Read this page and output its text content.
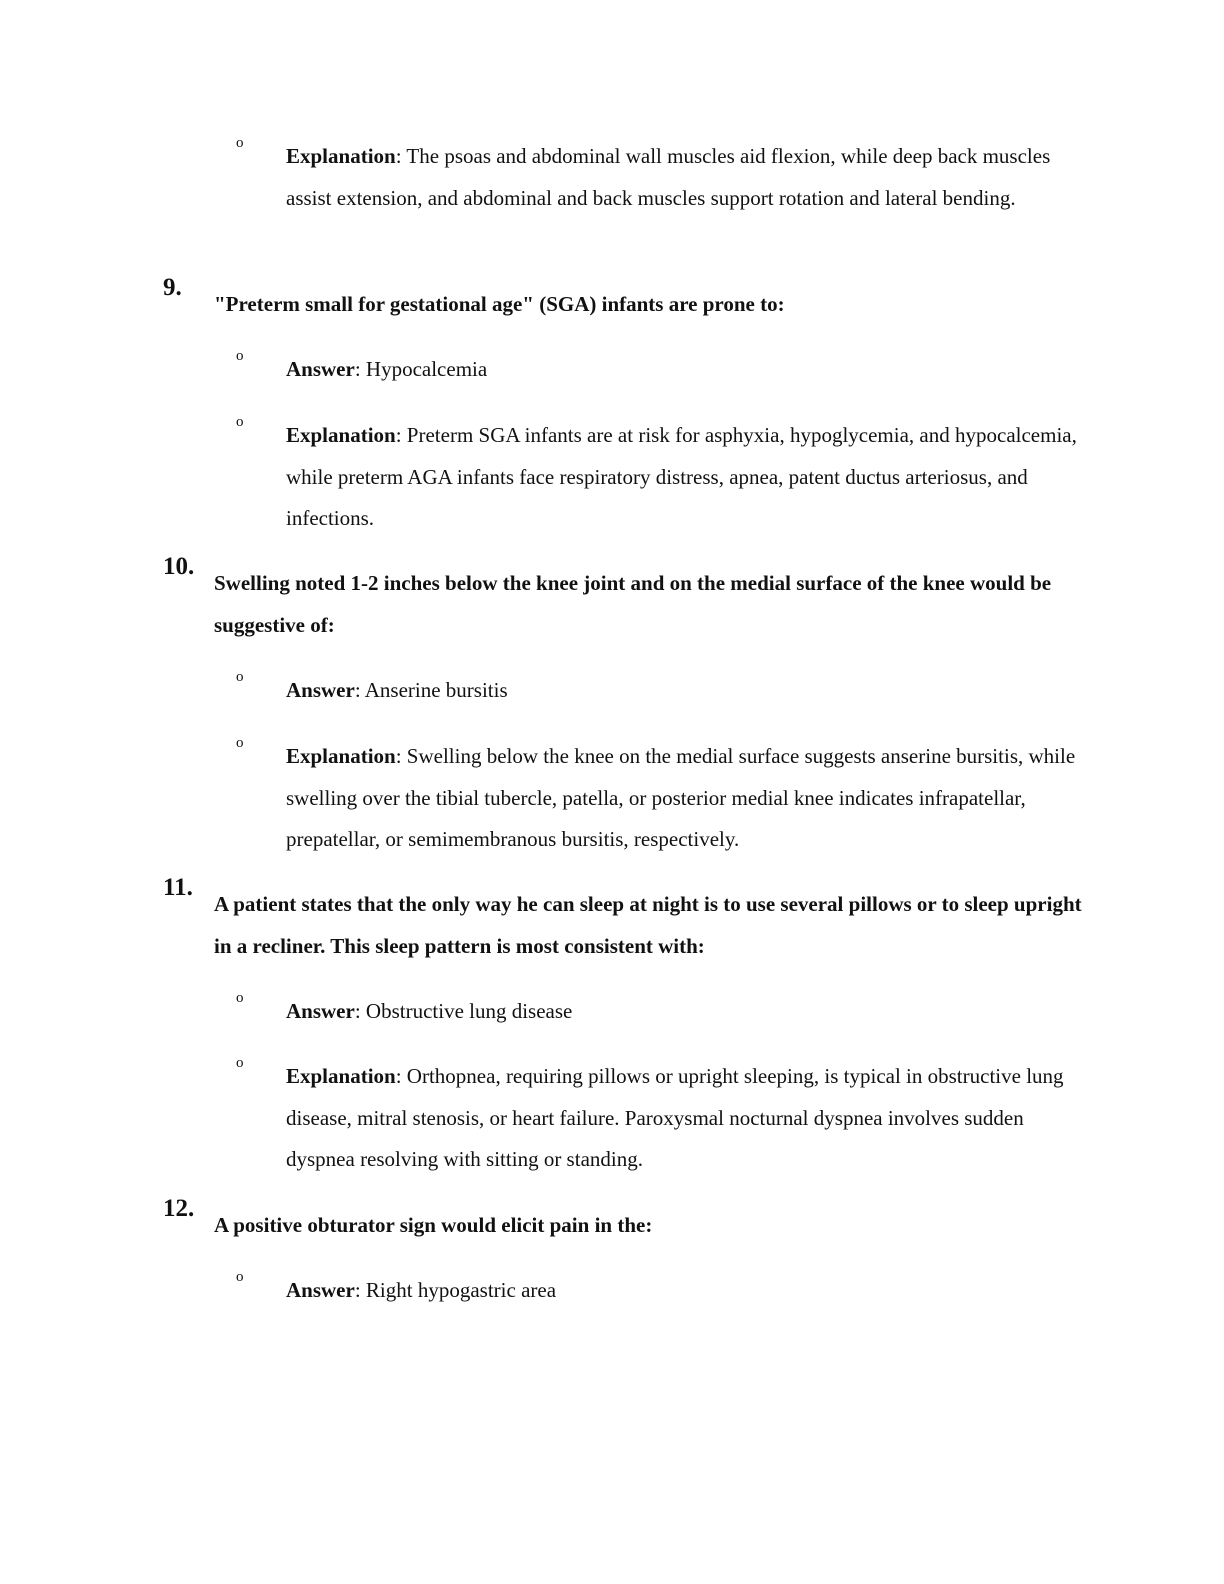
o

Explanation: The psoas and abdominal wall muscles aid flexion, while deep back muscles assist extension, and abdominal and back muscles support rotation and lateral bending.

9.

"Preterm small for gestational age" (SGA) infants are prone to:

o

Answer: Hypocalcemia

o

Explanation: Preterm SGA infants are at risk for asphyxia, hypoglycemia, and hypocalcemia, while preterm AGA infants face respiratory distress, apnea, patent ductus arteriosus, and infections.

10.

Swelling noted 1-2 inches below the knee joint and on the medial surface of the knee would be suggestive of:

o

Answer: Anserine bursitis

o

Explanation: Swelling below the knee on the medial surface suggests anserine bursitis, while swelling over the tibial tubercle, patella, or posterior medial knee indicates infrapatellar, prepatellar, or semimembranous bursitis, respectively.

11.

A patient states that the only way he can sleep at night is to use several pillows or to sleep upright in a recliner. This sleep pattern is most consistent with:

o

Answer: Obstructive lung disease

o

Explanation: Orthopnea, requiring pillows or upright sleeping, is typical in obstructive lung disease, mitral stenosis, or heart failure. Paroxysmal nocturnal dyspnea involves sudden dyspnea resolving with sitting or standing.

12.

A positive obturator sign would elicit pain in the:

o

Answer: Right hypogastric area
